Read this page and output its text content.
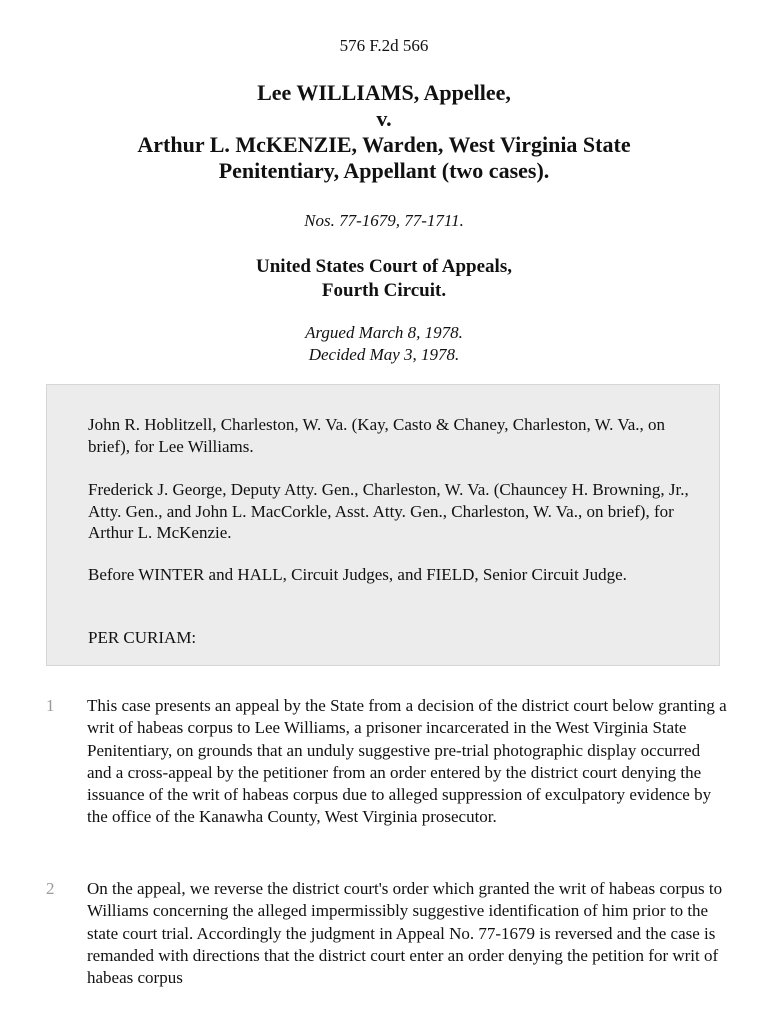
576 F.2d 566
Lee WILLIAMS, Appellee,
v.
Arthur L. McKENZIE, Warden, West Virginia State
Penitentiary, Appellant (two cases).
Nos. 77-1679, 77-1711.
United States Court of Appeals,
Fourth Circuit.
Argued March 8, 1978.
Decided May 3, 1978.

John R. Hoblitzell, Charleston, W. Va. (Kay, Casto & Chaney, Charleston, W. Va., on brief), for Lee Williams.

Frederick J. George, Deputy Atty. Gen., Charleston, W. Va. (Chauncey H. Browning, Jr., Atty. Gen., and John L. MacCorkle, Asst. Atty. Gen., Charleston, W. Va., on brief), for Arthur L. McKenzie.

Before WINTER and HALL, Circuit Judges, and FIELD, Senior Circuit Judge.

PER CURIAM:

1 This case presents an appeal by the State from a decision of the district court below granting a writ of habeas corpus to Lee Williams, a prisoner incarcerated in the West Virginia State Penitentiary, on grounds that an unduly suggestive pre-trial photographic display occurred and a cross-appeal by the petitioner from an order entered by the district court denying the issuance of the writ of habeas corpus due to alleged suppression of exculpatory evidence by the office of the Kanawha County, West Virginia prosecutor.

2 On the appeal, we reverse the district court's order which granted the writ of habeas corpus to Williams concerning the alleged impermissibly suggestive identification of him prior to the state court trial. Accordingly the judgment in Appeal No. 77-1679 is reversed and the case is remanded with directions that the district court enter an order denying the petition for writ of habeas corpus
